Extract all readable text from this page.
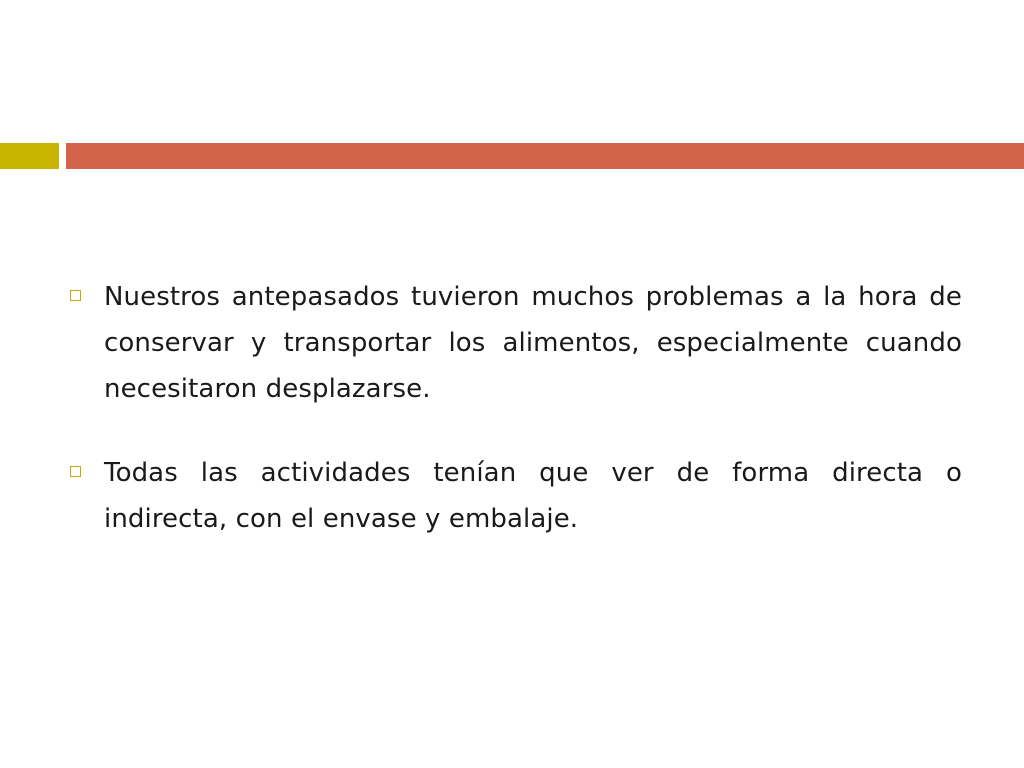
Nuestros antepasados tuvieron muchos problemas a la hora de conservar y transportar los alimentos, especialmente cuando necesitaron desplazarse.
Todas las actividades tenían que ver de forma directa o indirecta, con el envase y embalaje.
